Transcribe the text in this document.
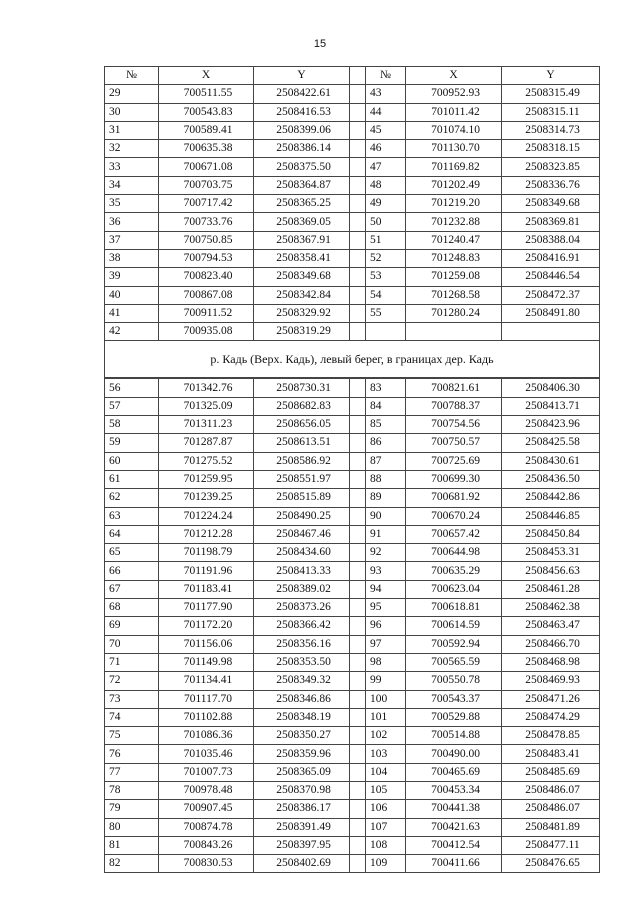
15
№	X	Y		№	X	Y
29	700511.55	2508422.61		43	700952.93	2508315.49
30	700543.83	2508416.53		44	701011.42	2508315.11
31	700589.41	2508399.06		45	701074.10	2508314.73
32	700635.38	2508386.14		46	701130.70	2508318.15
33	700671.08	2508375.50		47	701169.82	2508323.85
34	700703.75	2508364.87		48	701202.49	2508336.76
35	700717.42	2508365.25		49	701219.20	2508349.68
36	700733.76	2508369.05		50	701232.88	2508369.81
37	700750.85	2508367.91		51	701240.47	2508388.04
38	700794.53	2508358.41		52	701248.83	2508416.91
39	700823.40	2508349.68		53	701259.08	2508446.54
40	700867.08	2508342.84		54	701268.58	2508472.37
41	700911.52	2508329.92		55	701280.24	2508491.80
42	700935.08	2508319.29				
р. Кадь (Верх. Кадь), левый берег, в границах дер. Кадь						
56	701342.76	2508730.31		83	700821.61	2508406.30
57	701325.09	2508682.83		84	700788.37	2508413.71
58	701311.23	2508656.05		85	700754.56	2508423.96
59	701287.87	2508613.51		86	700750.57	2508425.58
60	701275.52	2508586.92		87	700725.69	2508430.61
61	701259.95	2508551.97		88	700699.30	2508436.50
62	701239.25	2508515.89		89	700681.92	2508442.86
63	701224.24	2508490.25		90	700670.24	2508446.85
64	701212.28	2508467.46		91	700657.42	2508450.84
65	701198.79	2508434.60		92	700644.98	2508453.31
66	701191.96	2508413.33		93	700635.29	2508456.63
67	701183.41	2508389.02		94	700623.04	2508461.28
68	701177.90	2508373.26		95	700618.81	2508462.38
69	701172.20	2508366.42		96	700614.59	2508463.47
70	701156.06	2508356.16		97	700592.94	2508466.70
71	701149.98	2508353.50		98	700565.59	2508468.98
72	701134.41	2508349.32		99	700550.78	2508469.93
73	701117.70	2508346.86		100	700543.37	2508471.26
74	701102.88	2508348.19		101	700529.88	2508474.29
75	701086.36	2508350.27		102	700514.88	2508478.85
76	701035.46	2508359.96		103	700490.00	2508483.41
77	701007.73	2508365.09		104	700465.69	2508485.69
78	700978.48	2508370.98		105	700453.34	2508486.07
79	700907.45	2508386.17		106	700441.38	2508486.07
80	700874.78	2508391.49		107	700421.63	2508481.89
81	700843.26	2508397.95		108	700412.54	2508477.11
82	700830.53	2508402.69		109	700411.66	2508476.65
